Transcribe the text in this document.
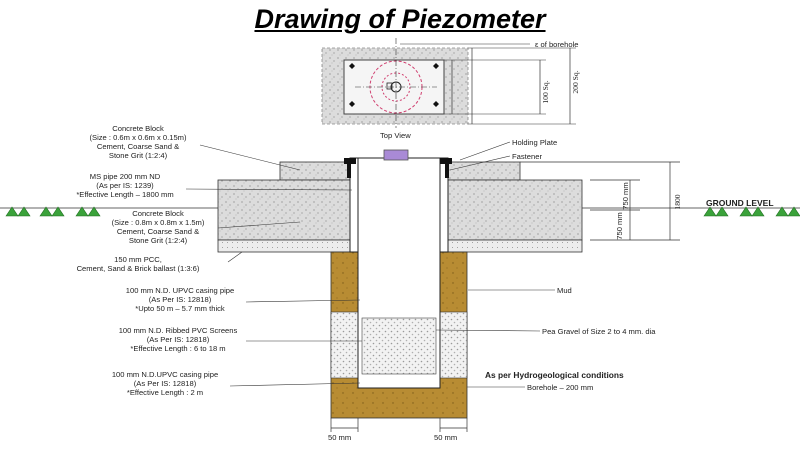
Drawing of Piezometer
ε of borehole
100 Sq.	200 Sq.
Top View
750 mm
750 mm
1800
50 mm	50 mm
Concrete Block
(Size : 0.6m x 0.6m x 0.15m)
Cement, Coarse Sand &
Stone Grit (1:2:4)
MS pipe 200 mm ND
(As per IS: 1239)
*Effective Length – 1800 mm
Concrete Block
(Size : 0.8m x 0.8m x 1.5m)
Cement, Coarse Sand &
Stone Grit (1:2:4)
150 mm PCC,
Cement, Sand & Brick ballast (1:3:6)
100 mm N.D. UPVC casing pipe
(As Per IS: 12818)
*Upto 50 m – 5.7 mm thick
100 mm N.D. Ribbed PVC Screens
(As Per IS: 12818)
*Effective Length : 6 to 18 m
100 mm N.D.UPVC casing pipe
(As Per IS: 12818)
*Effective Length : 2 m
Holding Plate
Fastener
GROUND LEVEL
Mud
Pea Gravel of Size 2 to 4 mm. dia
As per Hydrogeological conditions
Borehole – 200 mm
